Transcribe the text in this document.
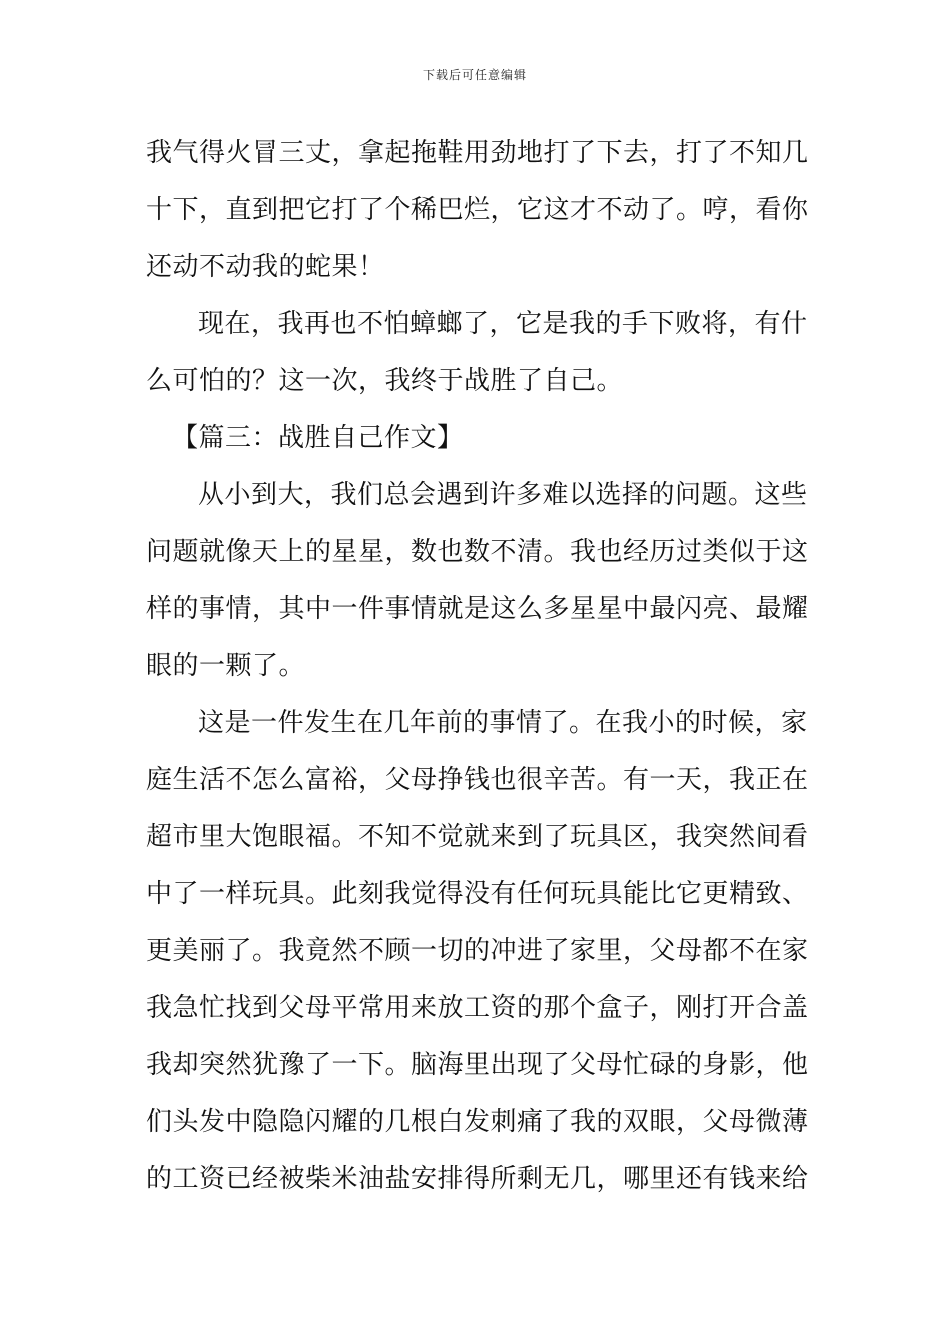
下载后可任意编辑
我气得火冒三丈，拿起拖鞋用劲地打了下去，打了不知几
十下，直到把它打了个稀巴烂，它这才不动了。哼，看你
还动不动我的蛇果！
现在，我再也不怕蟑螂了，它是我的手下败将，有什
么可怕的？这一次，我终于战胜了自己。
【篇三：战胜自己作文】
从小到大，我们总会遇到许多难以选择的问题。这些
问题就像天上的星星，数也数不清。我也经历过类似于这
样的事情，其中一件事情就是这么多星星中最闪亮、最耀
眼的一颗了。
这是一件发生在几年前的事情了。在我小的时候，家
庭生活不怎么富裕，父母挣钱也很辛苦。有一天，我正在
超市里大饱眼福。不知不觉就来到了玩具区，我突然间看
中了一样玩具。此刻我觉得没有任何玩具能比它更精致、
更美丽了。我竟然不顾一切的冲进了家里，父母都不在家
我急忙找到父母平常用来放工资的那个盒子，刚打开合盖
我却突然犹豫了一下。脑海里出现了父母忙碌的身影，他
们头发中隐隐闪耀的几根白发刺痛了我的双眼，父母微薄
的工资已经被柴米油盐安排得所剩无几，哪里还有钱来给
